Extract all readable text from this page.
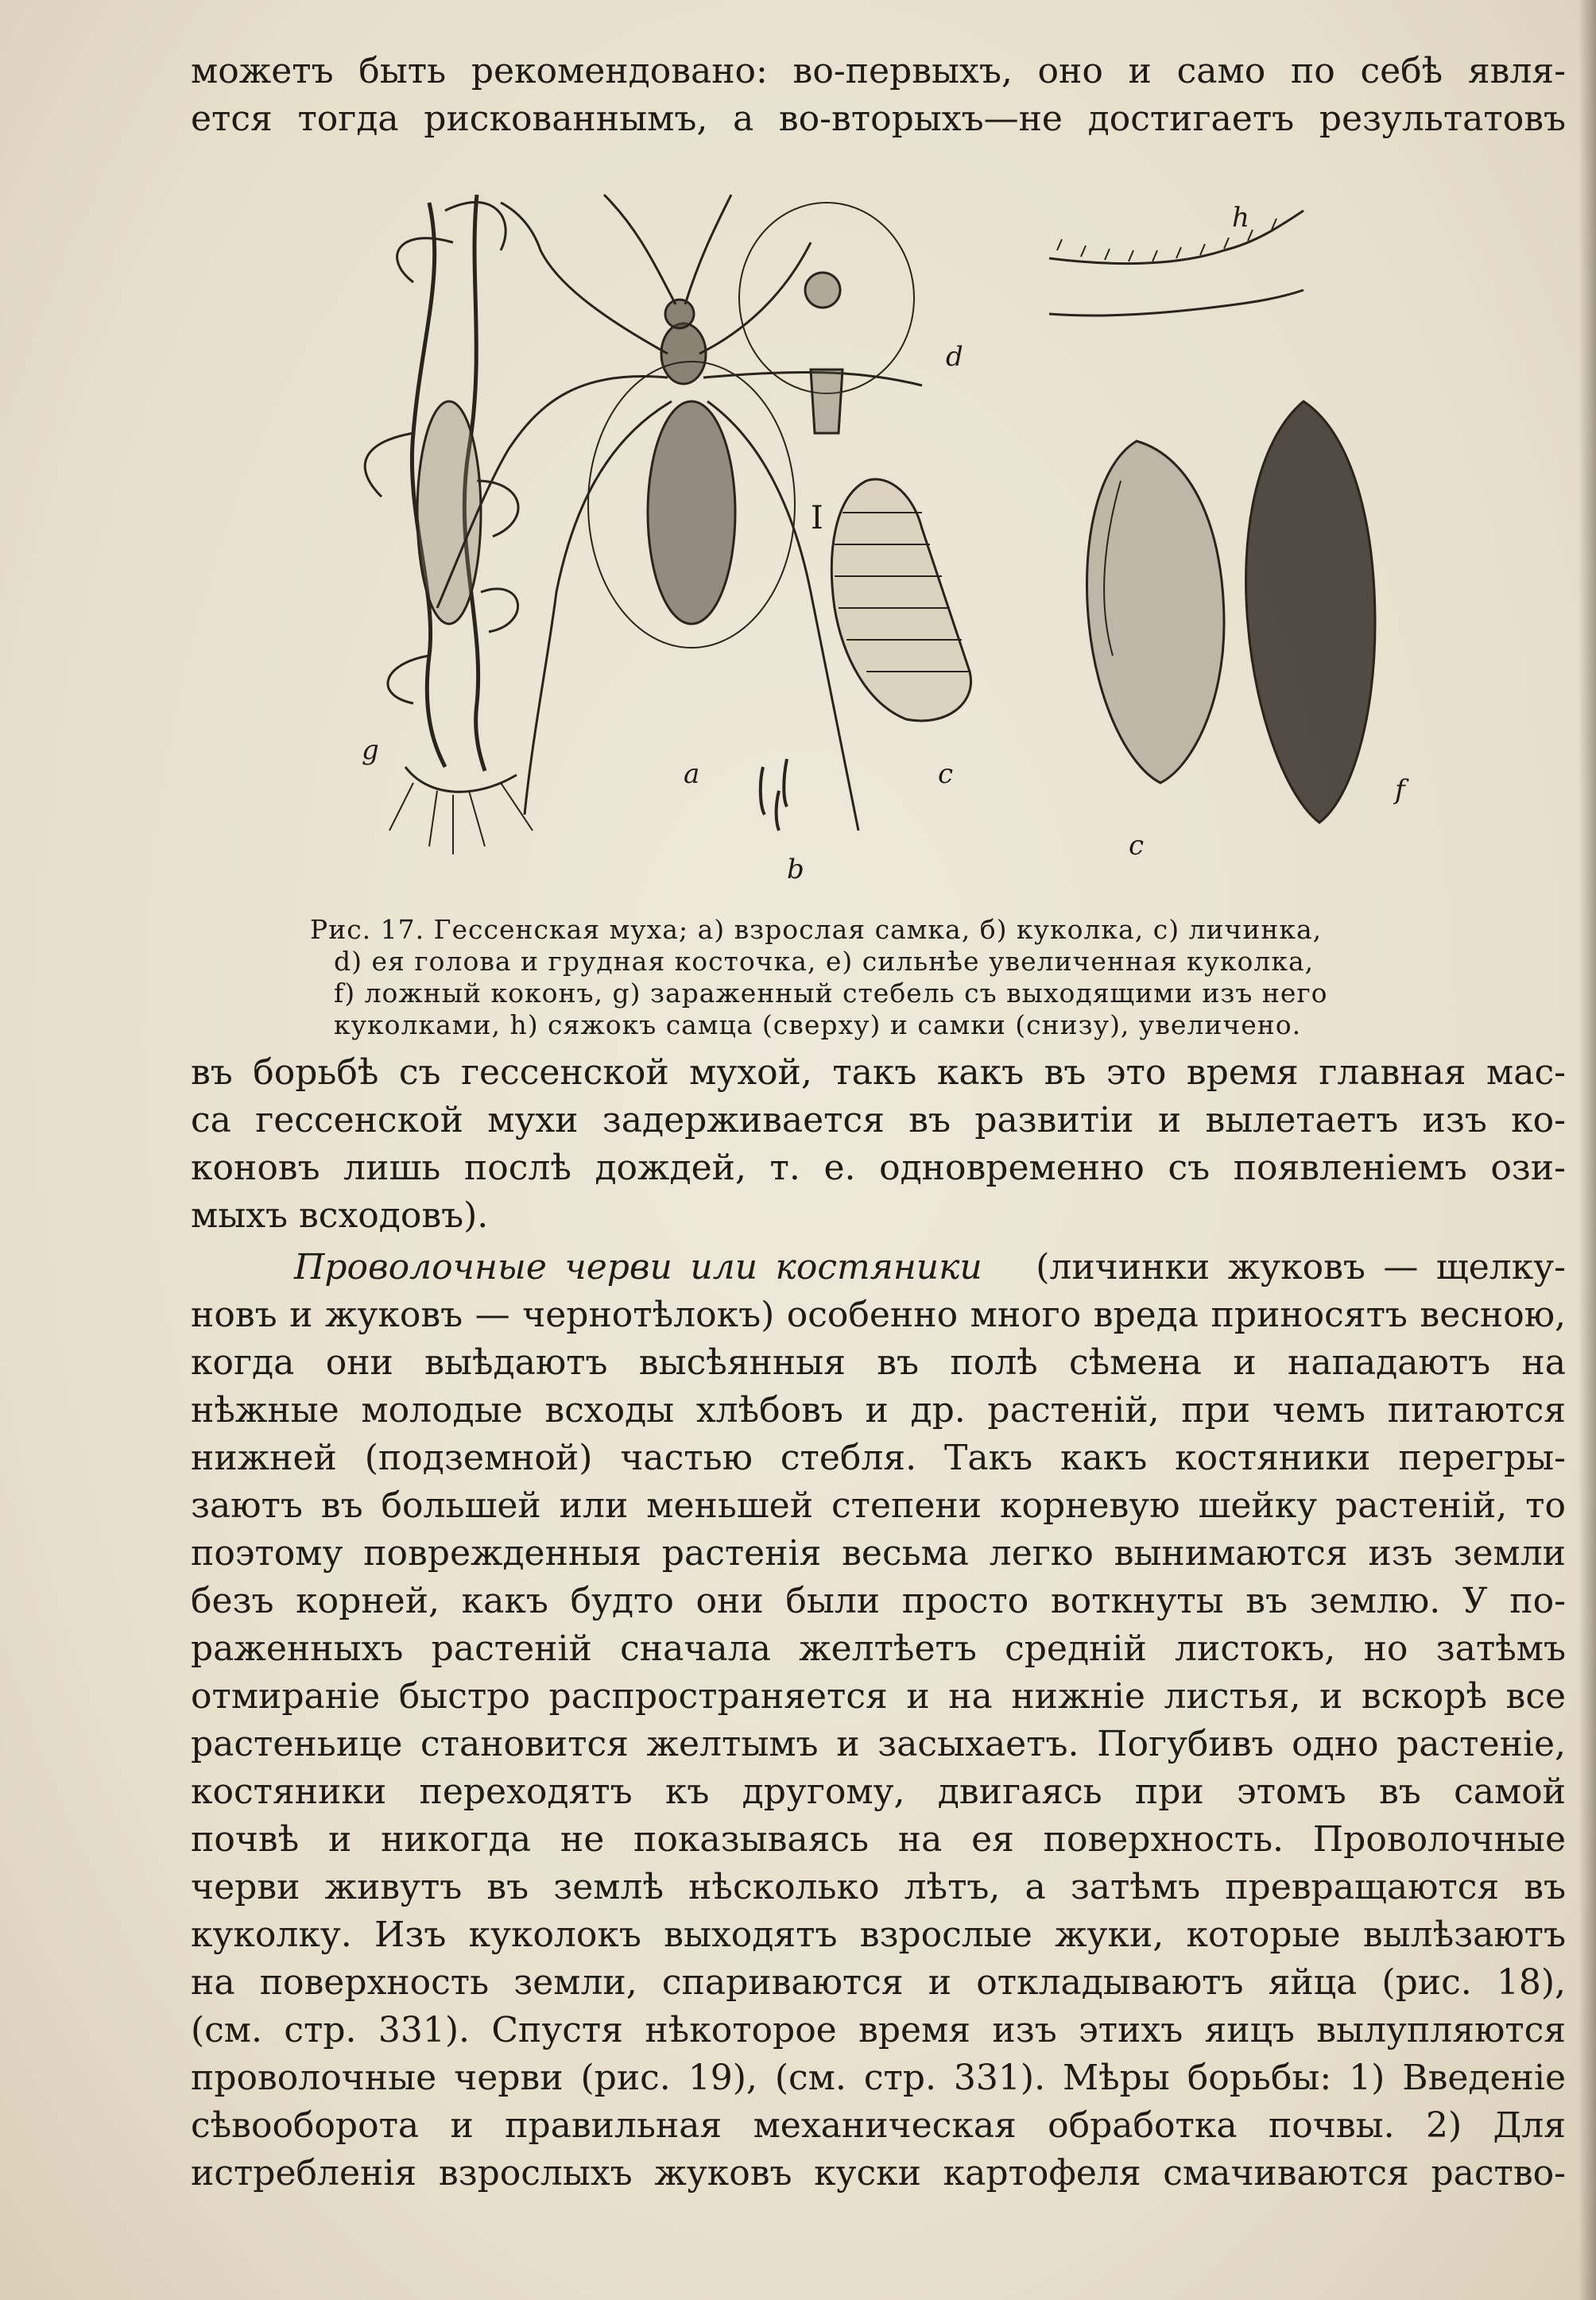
можетъ быть рекомендовано: во-первыхъ, оно и само по себѣ явля-
ется тогда рискованнымъ, а во-вторыхъ—не достигаетъ результатовъ
a
b
c
c
d
f
g
h
I
Рис. 17. Гессенская муха; а) взрослая самка, б) куколка, с) личинка,
d) ея голова и грудная косточка, е) сильнѣе увеличенная куколка,
f) ложный коконъ, g) зараженный стебель съ выходящими изъ него
куколками, h) сяжокъ самца (сверху) и самки (снизу), увеличено.
въ борьбѣ съ гессенской мухой, такъ какъ въ это время главная мас-
са гессенской мухи задерживается въ развитіи и вылетаетъ изъ ко-
коновъ лишь послѣ дождей, т. е. одновременно съ появленіемъ ози-
мыхъ всходовъ).
Проволочные черви или костяники (личинки жуковъ — щелку-
новъ и жуковъ — чернотѣлокъ) особенно много вреда приносятъ весною,
когда они выѣдаютъ высѣянныя въ полѣ сѣмена и нападаютъ на
нѣжные молодые всходы хлѣбовъ и др. растеній, при чемъ питаются
нижней (подземной) частью стебля. Такъ какъ костяники перегры-
заютъ въ большей или меньшей степени корневую шейку растеній, то
поэтому поврежденныя растенія весьма легко вынимаются изъ земли
безъ корней, какъ будто они были просто воткнуты въ землю. У по-
раженныхъ растеній сначала желтѣетъ средній листокъ, но затѣмъ
отмираніе быстро распространяется и на нижніе листья, и вскорѣ все
растеньице становится желтымъ и засыхаетъ. Погубивъ одно растеніе,
костяники переходятъ къ другому, двигаясь при этомъ въ самой
почвѣ и никогда не показываясь на ея поверхность. Проволочные
черви живутъ въ землѣ нѣсколько лѣтъ, а затѣмъ превращаются въ
куколку. Изъ куколокъ выходятъ взрослые жуки, которые вылѣзаютъ
на поверхность земли, спариваются и откладываютъ яйца (рис. 18),
(см. стр. 331). Спустя нѣкоторое время изъ этихъ яицъ вылупляются
проволочные черви (рис. 19), (см. стр. 331). Мѣры борьбы: 1) Введеніе
сѣвооборота и правильная механическая обработка почвы. 2) Для
истребленія взрослыхъ жуковъ куски картофеля смачиваются раство-
